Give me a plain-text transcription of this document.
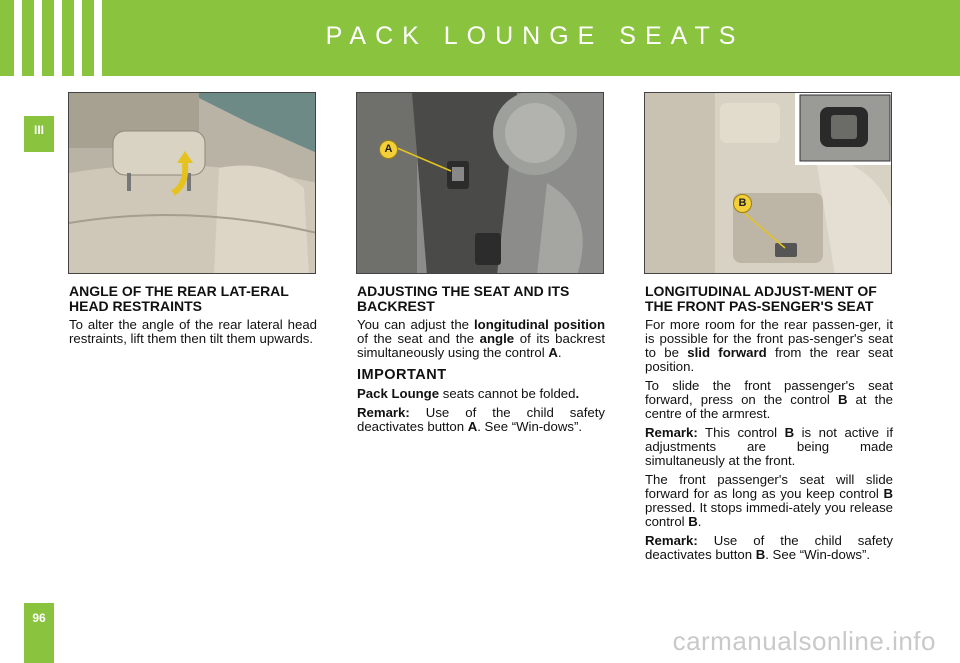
PACK LOUNGE SEATS
III
96
A
B
ANGLE OF THE REAR LAT-ERAL HEAD RESTRAINTS

To alter the angle of the rear lateral head restraints, lift them then tilt them upwards.

ADJUSTING THE SEAT AND ITS BACKREST

You can adjust the longitudinal position of the seat and the angle of its backrest simultaneously using the control A.

IMPORTANT

Pack Lounge seats cannot be folded.

Remark: Use of the child safety deactivates button A. See “Win-dows”.

LONGITUDINAL ADJUST-MENT OF THE FRONT PAS-SENGER'S SEAT

For more room for the rear passen-ger, it is possible for the front pas-senger's seat to be slid forward from the rear seat position.

To slide the front passenger's seat forward, press on the control B at the centre of the armrest.

Remark: This control B is not active if adjustments are being made simultaneusly at the front.

The front passenger's seat will slide forward for as long as you keep control B pressed. It stops immedi-ately you release control B.

Remark: Use of the child safety deactivates button B. See “Win-dows”.

carmanualsonline.info
